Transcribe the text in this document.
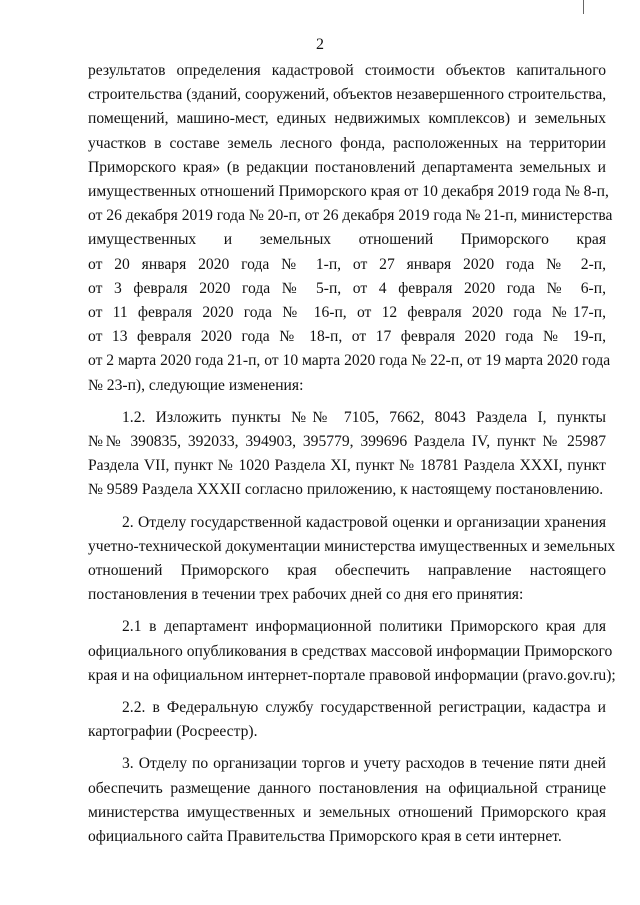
2
результатов определения кадастровой стоимости объектов капитального
строительства (зданий, сооружений, объектов незавершенного строительства,
помещений, машино-мест, единых недвижимых комплексов) и земельных
участков в составе земель лесного фонда, расположенных на территории
Приморского края» (в редакции постановлений департамента земельных и
имущественных отношений Приморского края от 10 декабря 2019 года № 8-п,
от 26 декабря 2019 года № 20-п, от 26 декабря 2019 года № 21-п, министерства
имущественных и земельных отношений Приморского края
от 20 января 2020 года № 1-п, от 27 января 2020 года № 2-п,
от 3 февраля 2020 года № 5-п, от 4 февраля 2020 года № 6-п,
от 11 февраля 2020 года № 16-п, от 12 февраля 2020 года №17-п,
от 13 февраля 2020 года № 18-п, от 17 февраля 2020 года № 19-п,
от 2 марта 2020 года 21-п, от 10 марта 2020 года № 22-п, от 19 марта 2020 года
№ 23-п), следующие изменения:
1.2. Изложить пункты №№ 7105, 7662, 8043 Раздела I, пункты
№№ 390835, 392033, 394903, 395779, 399696 Раздела IV, пункт № 25987
Раздела VII, пункт № 1020 Раздела XI, пункт № 18781 Раздела XXXI, пункт
№ 9589 Раздела XXXII согласно приложению, к настоящему постановлению.
2. Отделу государственной кадастровой оценки и организации хранения
учетно-технической документации министерства имущественных и земельных
отношений Приморского края обеспечить направление настоящего
постановления в течении трех рабочих дней со дня его принятия:
2.1 в департамент информационной политики Приморского края для
официального опубликования в средствах массовой информации Приморского
края и на официальном интернет-портале правовой информации (pravo.gov.ru);
2.2. в Федеральную службу государственной регистрации, кадастра и
картографии (Росреестр).
3. Отделу по организации торгов и учету расходов в течение пяти дней
обеспечить размещение данного постановления на официальной странице
министерства имущественных и земельных отношений Приморского края
официального сайта Правительства Приморского края в сети интернет.
